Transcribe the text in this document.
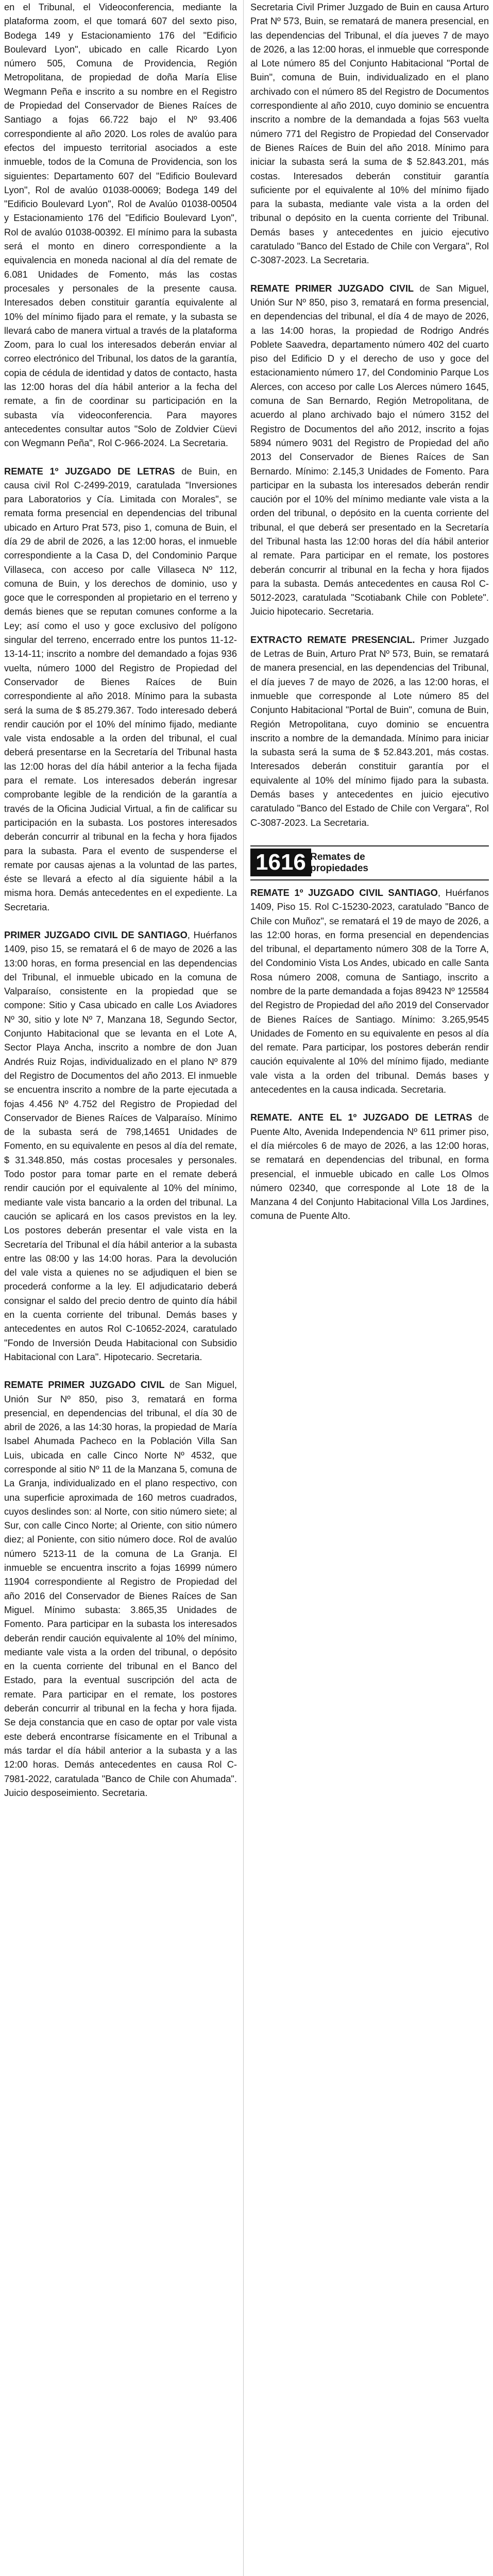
en el Tribunal, el Videoconferencia, mediante la plataforma zoom, el que tomará 607 del sexto piso, Bodega 149 y Estacionamiento 176 del "Edificio Boulevard Lyon", ubicado en calle Ricardo Lyon número 505, Comuna de Providencia, Región Metropolitana, de propiedad de doña María Elise Wegmann Peña e inscrito a su nombre en el Registro de Propiedad del Conservador de Bienes Raíces de Santiago a fojas 66.722 bajo el Nº 93.406 correspondiente al año 2020. Los roles de avalúo para efectos del impuesto territorial asociados a este inmueble, todos de la Comuna de Providencia, son los siguientes: Departamento 607 del "Edificio Boulevard Lyon", Rol de avalúo 01038-00069; Bodega 149 del "Edificio Boulevard Lyon", Rol de Avalúo 01038-00504 y Estacionamiento 176 del "Edificio Boulevard Lyon", Rol de avalúo 01038-00392. El mínimo para la subasta será el monto en dinero correspondiente a la equivalencia en moneda nacional al día del remate de 6.081 Unidades de Fomento, más las costas procesales y personales de la presente causa. Interesados deben constituir garantía equivalente al 10% del mínimo fijado para el remate, y la subasta se llevará cabo de manera virtual a través de la plataforma Zoom, para lo cual los interesados deberán enviar al correo electrónico del Tribunal, los datos de la garantía, copia de cédula de identidad y datos de contacto, hasta las 12:00 horas del día hábil anterior a la fecha del remate, a fin de coordinar su participación en la subasta vía videoconferencia. Para mayores antecedentes consultar autos "Solo de Zoldvier Cüevi con Wegmann Peña", Rol C-966-2024. La Secretaria.

REMATE 1º JUZGADO DE LETRAS de Buin, en causa civil Rol C-2499-2019, caratulada "Inversiones para Laboratorios y Cía. Limitada con Morales", se remata forma presencial en dependencias del tribunal ubicado en Arturo Prat 573, piso 1, comuna de Buin, el día 29 de abril de 2026, a las 12:00 horas, el inmueble correspondiente a la Casa D, del Condominio Parque Villaseca, con acceso por calle Villaseca Nº 112, comuna de Buin, y los derechos de dominio, uso y goce que le corresponden al propietario en el terreno y demás bienes que se reputan comunes conforme a la Ley; así como el uso y goce exclusivo del polígono singular del terreno, encerrado entre los puntos 11-12-13-14-11; inscrito a nombre del demandado a fojas 936 vuelta, número 1000 del Registro de Propiedad del Conservador de Bienes Raíces de Buin correspondiente al año 2018. Mínimo para la subasta será la suma de $ 85.279.367. Todo interesado deberá rendir caución por el 10% del mínimo fijado, mediante vale vista endosable a la orden del tribunal, el cual deberá presentarse en la Secretaría del Tribunal hasta las 12:00 horas del día hábil anterior a la fecha fijada para el remate. Los interesados deberán ingresar comprobante legible de la rendición de la garantía a través de la Oficina Judicial Virtual, a fin de calificar su participación en la subasta. Los postores interesados deberán concurrir al tribunal en la fecha y hora fijados para la subasta. Para el evento de suspenderse el remate por causas ajenas a la voluntad de las partes, éste se llevará a efecto al día siguiente hábil a la misma hora. Demás antecedentes en el expediente. La Secretaria.

PRIMER JUZGADO CIVIL DE SANTIAGO, Huérfanos 1409, piso 15, se rematará el 6 de mayo de 2026 a las 13:00 horas, en forma presencial en las dependencias del Tribunal, el inmueble ubicado en la comuna de Valparaíso, consistente en la propiedad que se compone: Sitio y Casa ubicado en calle Los Aviadores Nº 30, sitio y lote Nº 7, Manzana 18, Segundo Sector, Conjunto Habitacional que se levanta en el Lote A, Sector Playa Ancha, inscrito a nombre de don Juan Andrés Ruiz Rojas, individualizado en el plano Nº 879 del Registro de Documentos del año 2013. El inmueble se encuentra inscrito a nombre de la parte ejecutada a fojas 4.456 Nº 4.752 del Registro de Propiedad del Conservador de Bienes Raíces de Valparaíso. Mínimo de la subasta será de 798,14651 Unidades de Fomento, en su equivalente en pesos al día del remate, $ 31.348.850, más costas procesales y personales. Todo postor para tomar parte en el remate deberá rendir caución por el equivalente al 10% del mínimo, mediante vale vista bancario a la orden del tribunal. La caución se aplicará en los casos previstos en la ley. Los postores deberán presentar el vale vista en la Secretaría del Tribunal el día hábil anterior a la subasta entre las 08:00 y las 14:00 horas. Para la devolución del vale vista a quienes no se adjudiquen el bien se procederá conforme a la ley. El adjudicatario deberá consignar el saldo del precio dentro de quinto día hábil en la cuenta corriente del tribunal. Demás bases y antecedentes en autos Rol C-10652-2024, caratulado "Fondo de Inversión Deuda Habitacional con Subsidio Habitacional con Lara". Hipotecario. Secretaria.

REMATE PRIMER JUZGADO CIVIL de San Miguel, Unión Sur Nº 850, piso 3, rematará en forma presencial, en dependencias del tribunal, el día 30 de abril de 2026, a las 14:30 horas, la propiedad de María Isabel Ahumada Pacheco en la Población Villa San Luis, ubicada en calle Cinco Norte Nº 4532, que corresponde al sitio Nº 11 de la Manzana 5, comuna de La Granja, individualizado en el plano respectivo, con una superficie aproximada de 160 metros cuadrados, cuyos deslindes son: al Norte, con sitio número siete; al Sur, con calle Cinco Norte; al Oriente, con sitio número diez; al Poniente, con sitio número doce. Rol de avalúo número 5213-11 de la comuna de La Granja. El inmueble se encuentra inscrito a fojas 16999 número 11904 correspondiente al Registro de Propiedad del año 2016 del Conservador de Bienes Raíces de San Miguel. Mínimo subasta: 3.865,35 Unidades de Fomento. Para participar en la subasta los interesados deberán rendir caución equivalente al 10% del mínimo, mediante vale vista a la orden del tribunal, o depósito en la cuenta corriente del tribunal en el Banco del Estado, para la eventual suscripción del acta de remate. Para participar en el remate, los postores deberán concurrir al tribunal en la fecha y hora fijada. Se deja constancia que en caso de optar por vale vista este deberá encontrarse físicamente en el Tribunal a más tardar el día hábil anterior a la subasta y a las 12:00 horas. Demás antecedentes en causa Rol C-7981-2022, caratulada "Banco de Chile con Ahumada". Juicio desposeimiento. Secretaria.

Secretaria Civil Primer Juzgado de Buin en causa Arturo Prat Nº 573, Buin, se rematará de manera presencial, en las dependencias del Tribunal, el día jueves 7 de mayo de 2026, a las 12:00 horas, el inmueble que corresponde al Lote número 85 del Conjunto Habitacional "Portal de Buin", comuna de Buin, individualizado en el plano archivado con el número 85 del Registro de Documentos correspondiente al año 2010, cuyo dominio se encuentra inscrito a nombre de la demandada a fojas 563 vuelta número 771 del Registro de Propiedad del Conservador de Bienes Raíces de Buin del año 2018. Mínimo para iniciar la subasta será la suma de $ 52.843.201, más costas. Interesados deberán constituir garantía suficiente por el equivalente al 10% del mínimo fijado para la subasta, mediante vale vista a la orden del tribunal o depósito en la cuenta corriente del Tribunal. Demás bases y antecedentes en juicio ejecutivo caratulado "Banco del Estado de Chile con Vergara", Rol C-3087-2023. La Secretaria.

REMATE PRIMER JUZGADO CIVIL de San Miguel, Unión Sur Nº 850, piso 3, rematará en forma presencial, en dependencias del tribunal, el día 4 de mayo de 2026, a las 14:00 horas, la propiedad de Rodrigo Andrés Poblete Saavedra, departamento número 402 del cuarto piso del Edificio D y el derecho de uso y goce del estacionamiento número 17, del Condominio Parque Los Alerces, con acceso por calle Los Alerces número 1645, comuna de San Bernardo, Región Metropolitana, de acuerdo al plano archivado bajo el número 3152 del Registro de Documentos del año 2012, inscrito a fojas 5894 número 9031 del Registro de Propiedad del año 2013 del Conservador de Bienes Raíces de San Bernardo. Mínimo: 2.145,3 Unidades de Fomento. Para participar en la subasta los interesados deberán rendir caución por el 10% del mínimo mediante vale vista a la orden del tribunal, o depósito en la cuenta corriente del tribunal, el que deberá ser presentado en la Secretaría del Tribunal hasta las 12:00 horas del día hábil anterior al remate. Para participar en el remate, los postores deberán concurrir al tribunal en la fecha y hora fijados para la subasta. Demás antecedentes en causa Rol C-5012-2023, caratulada "Scotiabank Chile con Poblete". Juicio hipotecario. Secretaria.

EXTRACTO REMATE PRESENCIAL. Primer Juzgado de Letras de Buin, Arturo Prat Nº 573, Buin, se rematará de manera presencial, en las dependencias del Tribunal, el día jueves 7 de mayo de 2026, a las 12:00 horas, el inmueble que corresponde al Lote número 85 del Conjunto Habitacional "Portal de Buin", comuna de Buin, Región Metropolitana, cuyo dominio se encuentra inscrito a nombre de la demandada. Mínimo para iniciar la subasta será la suma de $ 52.843.201, más costas. Interesados deberán constituir garantía por el equivalente al 10% del mínimo fijado para la subasta. Demás bases y antecedentes en juicio ejecutivo caratulado "Banco del Estado de Chile con Vergara", Rol C-3087-2023. La Secretaria.

1616 Remates de
propiedades

REMATE 1º JUZGADO CIVIL SANTIAGO, Huérfanos 1409, Piso 15. Rol C-15230-2023, caratulado "Banco de Chile con Muñoz", se rematará el 19 de mayo de 2026, a las 12:00 horas, en forma presencial en dependencias del tribunal, el departamento número 308 de la Torre A, del Condominio Vista Los Andes, ubicado en calle Santa Rosa número 2008, comuna de Santiago, inscrito a nombre de la parte demandada a fojas 89423 Nº 125584 del Registro de Propiedad del año 2019 del Conservador de Bienes Raíces de Santiago. Mínimo: 3.265,9545 Unidades de Fomento en su equivalente en pesos al día del remate. Para participar, los postores deberán rendir caución equivalente al 10% del mínimo fijado, mediante vale vista a la orden del tribunal. Demás bases y antecedentes en la causa indicada. Secretaria.

REMATE. ANTE EL 1º JUZGADO DE LETRAS de Puente Alto, Avenida Independencia Nº 611 primer piso, el día miércoles 6 de mayo de 2026, a las 12:00 horas, se rematará en dependencias del tribunal, en forma presencial, el inmueble ubicado en calle Los Olmos número 02340, que corresponde al Lote 18 de la Manzana 4 del Conjunto Habitacional Villa Los Jardines, comuna de Puente Alto.
